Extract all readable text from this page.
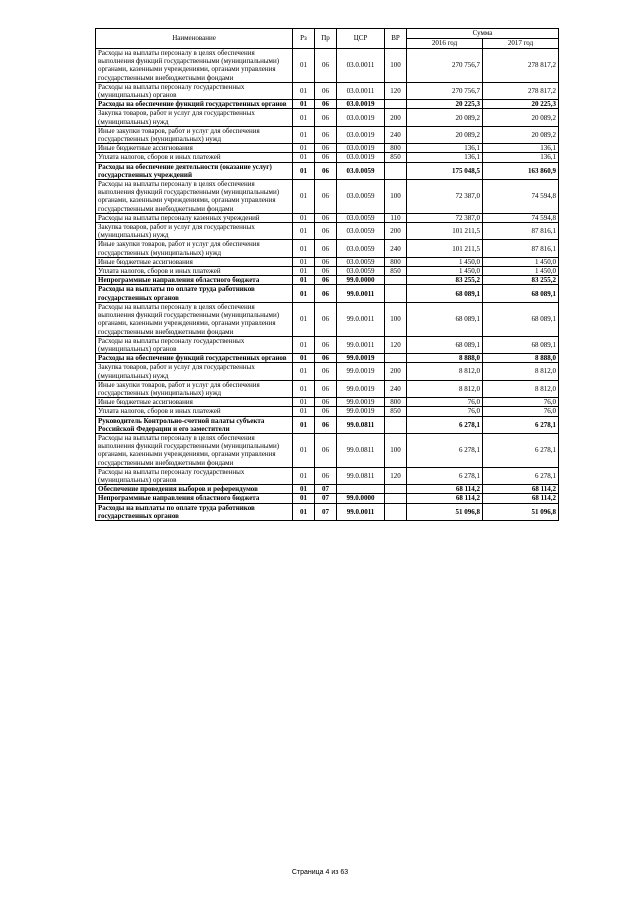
Наименование	Рз	Пр	ЦСР	ВР	Сумма	
					2016 год	2017 год
Расходы на выплаты персоналу в целях обеспечения выполнения функций государственными (муниципальными) органами, казенными учреждениями, органами управления государственными внебюджетными фондами	01	06	03.0.0011	100	270 756,7	278 817,2
Расходы на выплаты персоналу государственных (муниципальных) органов	01	06	03.0.0011	120	270 756,7	278 817,2
Расходы на обеспечение функций государственных органов	01	06	03.0.0019		20 225,3	20 225,3
Закупка товаров, работ и услуг для государственных (муниципальных) нужд	01	06	03.0.0019	200	20 089,2	20 089,2
Иные закупки товаров, работ и услуг для обеспечения государственных (муниципальных) нужд	01	06	03.0.0019	240	20 089,2	20 089,2
Иные бюджетные ассигнования	01	06	03.0.0019	800	136,1	136,1
Уплата налогов, сборов и иных платежей	01	06	03.0.0019	850	136,1	136,1
Расходы на обеспечение деятельности (оказание услуг) государственных учреждений	01	06	03.0.0059		175 048,5	163 860,9
Расходы на выплаты персоналу в целях обеспечения выполнения функций государственными (муниципальными) органами, казенными учреждениями, органами управления государственными внебюджетными фондами	01	06	03.0.0059	100	72 387,0	74 594,8
Расходы на выплаты персоналу казенных учреждений	01	06	03.0.0059	110	72 387,0	74 594,8
Закупка товаров, работ и услуг для государственных (муниципальных) нужд	01	06	03.0.0059	200	101 211,5	87 816,1
Иные закупки товаров, работ и услуг для обеспечения государственных (муниципальных) нужд	01	06	03.0.0059	240	101 211,5	87 816,1
Иные бюджетные ассигнования	01	06	03.0.0059	800	1 450,0	1 450,0
Уплата налогов, сборов и иных платежей	01	06	03.0.0059	850	1 450,0	1 450,0
Непрограммные направления областного бюджета	01	06	99.0.0000		83 255,2	83 255,2
Расходы на выплаты по оплате труда работников государственных органов	01	06	99.0.0011		68 089,1	68 089,1
Расходы на выплаты персоналу в целях обеспечения выполнения функций государственными (муниципальными) органами, казенными учреждениями, органами управления государственными внебюджетными фондами	01	06	99.0.0011	100	68 089,1	68 089,1
Расходы на выплаты персоналу государственных (муниципальных) органов	01	06	99.0.0011	120	68 089,1	68 089,1
Расходы на обеспечение функций государственных органов	01	06	99.0.0019		8 888,0	8 888,0
Закупка товаров, работ и услуг для государственных (муниципальных) нужд	01	06	99.0.0019	200	8 812,0	8 812,0
Иные закупки товаров, работ и услуг для обеспечения государственных (муниципальных) нужд	01	06	99.0.0019	240	8 812,0	8 812,0
Иные бюджетные ассигнования	01	06	99.0.0019	800	76,0	76,0
Уплата налогов, сборов и иных платежей	01	06	99.0.0019	850	76,0	76,0
Руководитель Контрольно-счетной палаты субъекта Российской Федерации и его заместители	01	06	99.0.0811		6 278,1	6 278,1
Расходы на выплаты персоналу в целях обеспечения выполнения функций государственными (муниципальными) органами, казенными учреждениями, органами управления государственными внебюджетными фондами	01	06	99.0.0811	100	6 278,1	6 278,1
Расходы на выплаты персоналу государственных (муниципальных) органов	01	06	99.0.0811	120	6 278,1	6 278,1
Обеспечение проведения выборов и референдумов	01	07			68 114,2	68 114,2
Непрограммные направления областного бюджета	01	07	99.0.0000		68 114,2	68 114,2
Расходы на выплаты по оплате труда работников государственных органов	01	07	99.0.0011		51 096,8	51 096,8
Страница 4 из 63
